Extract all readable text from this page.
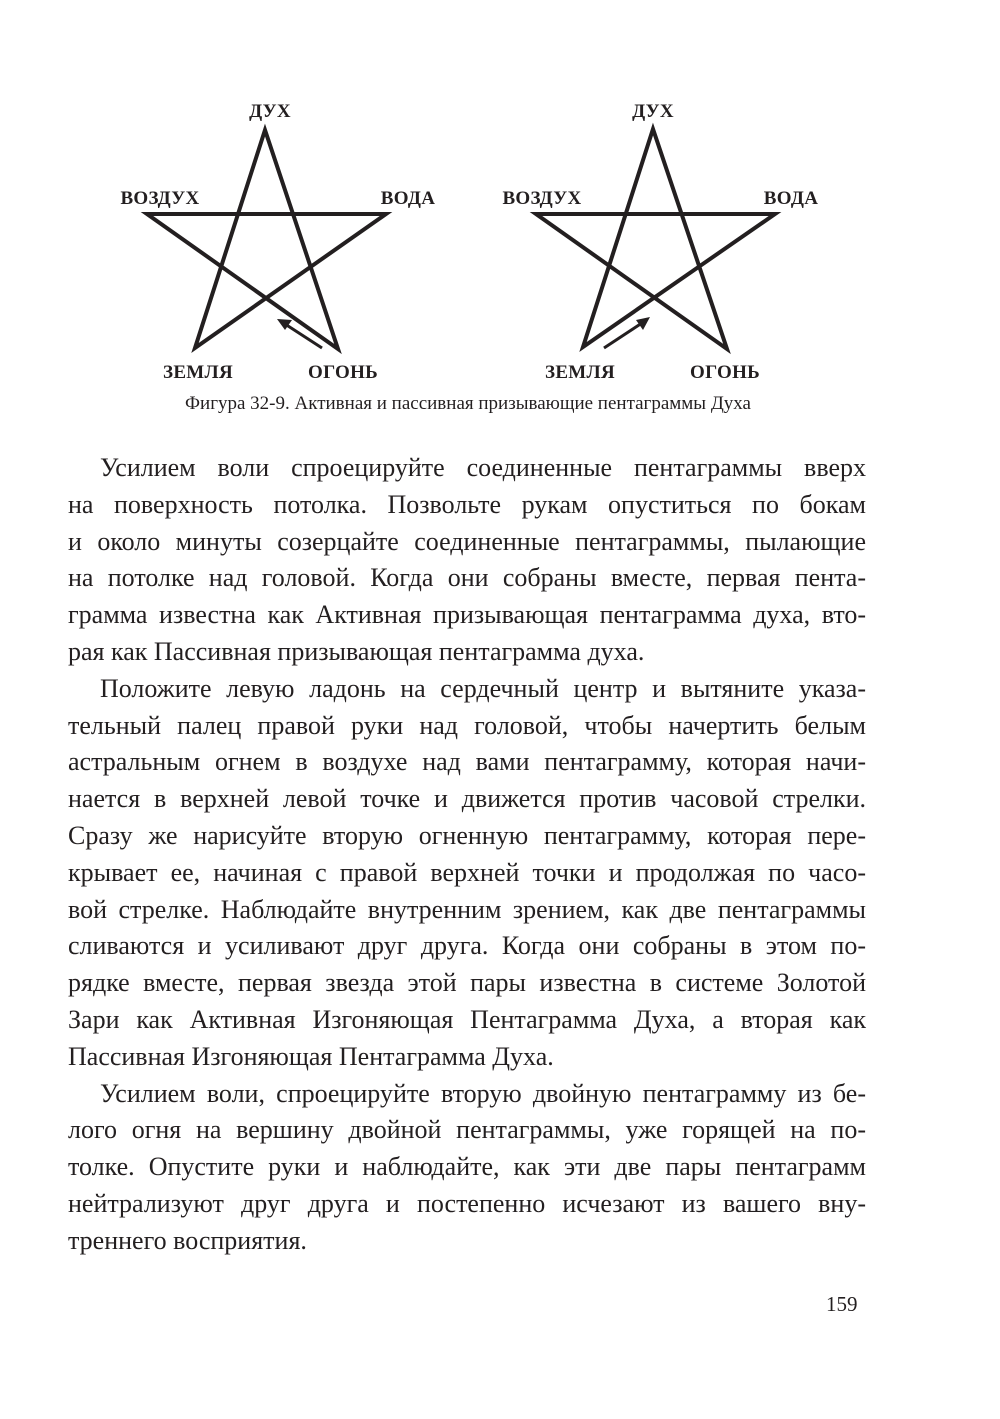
ДУХ
ВОЗДУХ	ВОДА
ЗЕМЛЯ	ОГОНЬ
ДУХ
ВОЗДУХ	ВОДА
ЗЕМЛЯ	ОГОНЬ
Фигура 32-9. Активная и пассивная призывающие пентаграммы Духа
Усилием воли спроецируйте соединенные пентаграммы вверх
на поверхность потолка. Позвольте рукам опуститься по бокам
и около минуты созерцайте соединенные пентаграммы, пылающие
на потолке над головой. Когда они собраны вместе, первая пента-
грамма известна как Активная призывающая пентаграмма духа, вто-
рая как Пассивная призывающая пентаграмма духа.
Положите левую ладонь на сердечный центр и вытяните указа-
тельный палец правой руки над головой, чтобы начертить белым
астральным огнем в воздухе над вами пентаграмму, которая начи-
нается в верхней левой точке и движется против часовой стрелки.
Сразу же нарисуйте вторую огненную пентаграмму, которая пере-
крывает ее, начиная с правой верхней точки и продолжая по часо-
вой стрелке. Наблюдайте внутренним зрением, как две пентаграммы
сливаются и усиливают друг друга. Когда они собраны в этом по-
рядке вместе, первая звезда этой пары известна в системе Золотой
Зари как Активная Изгоняющая Пентаграмма Духа, а вторая как
Пассивная Изгоняющая Пентаграмма Духа.
Усилием воли, спроецируйте вторую двойную пентаграмму из бе-
лого огня на вершину двойной пентаграммы, уже горящей на по-
толке. Опустите руки и наблюдайте, как эти две пары пентаграмм
нейтрализуют друг друга и постепенно исчезают из вашего вну-
треннего восприятия.
159
